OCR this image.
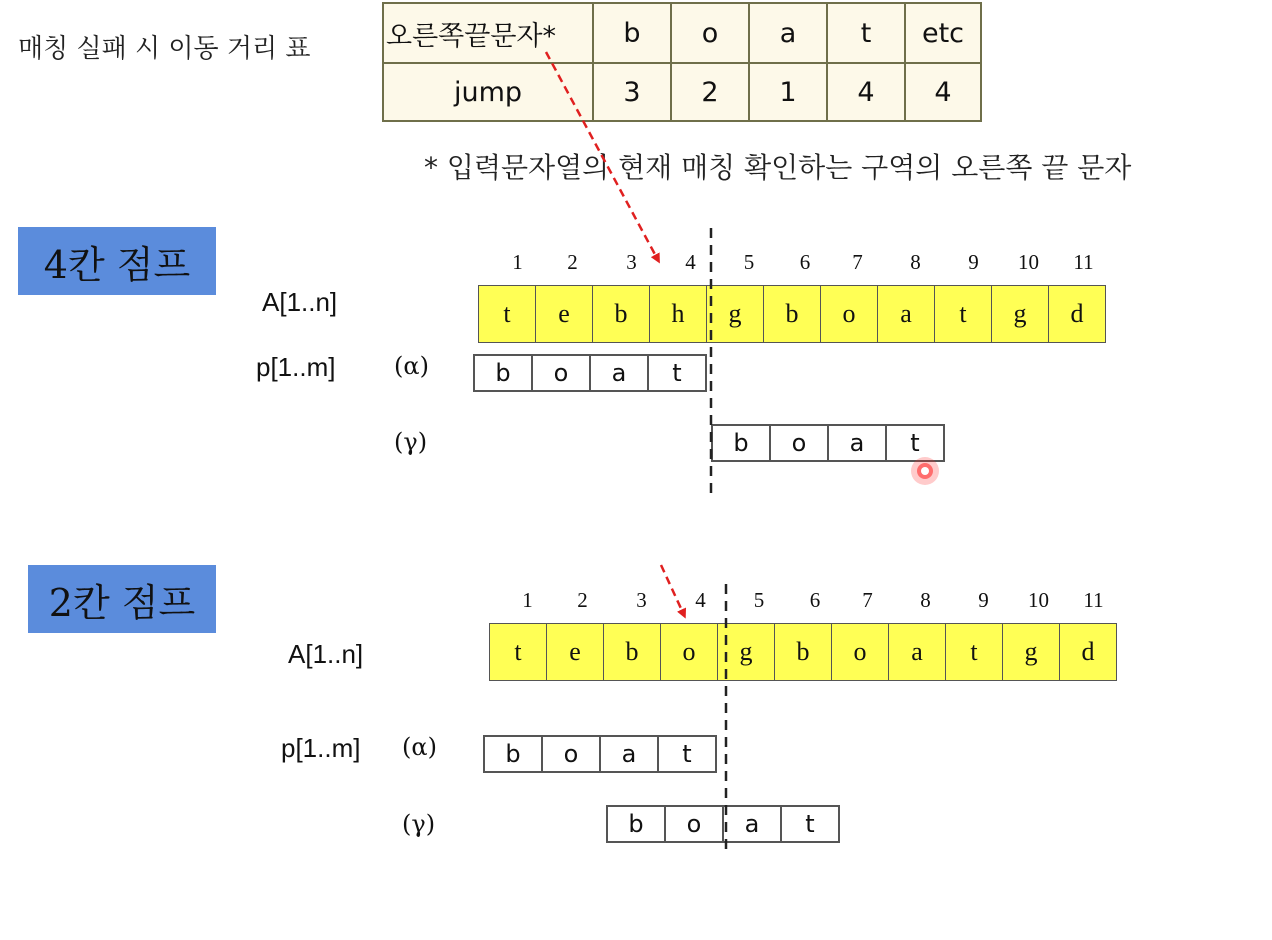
매칭 실패 시 이동 거리 표	오른쪽끝문자*	b	o	a	t	etc
jump	3	2	1	4	4
* 입력문자열의 현재 매칭 확인하는 구역의 오른쪽 끝 문자
4칸 점프	1	2	3	4	5	6	7	8	9	10	11
A[1..n]	t	e	b	h	g	b	o	a	t	g	d
p[1..m] (α)	b	o	a	t
(γ)	b	o	a	t
2칸 점프	1	2	3	4	5	6	7	8	9	10	11
A[1..n]	t	e	b	o	g	b	o	a	t	g	d
p[1..m] (α)	b	o	a	t
(γ)	b	o	a	t
